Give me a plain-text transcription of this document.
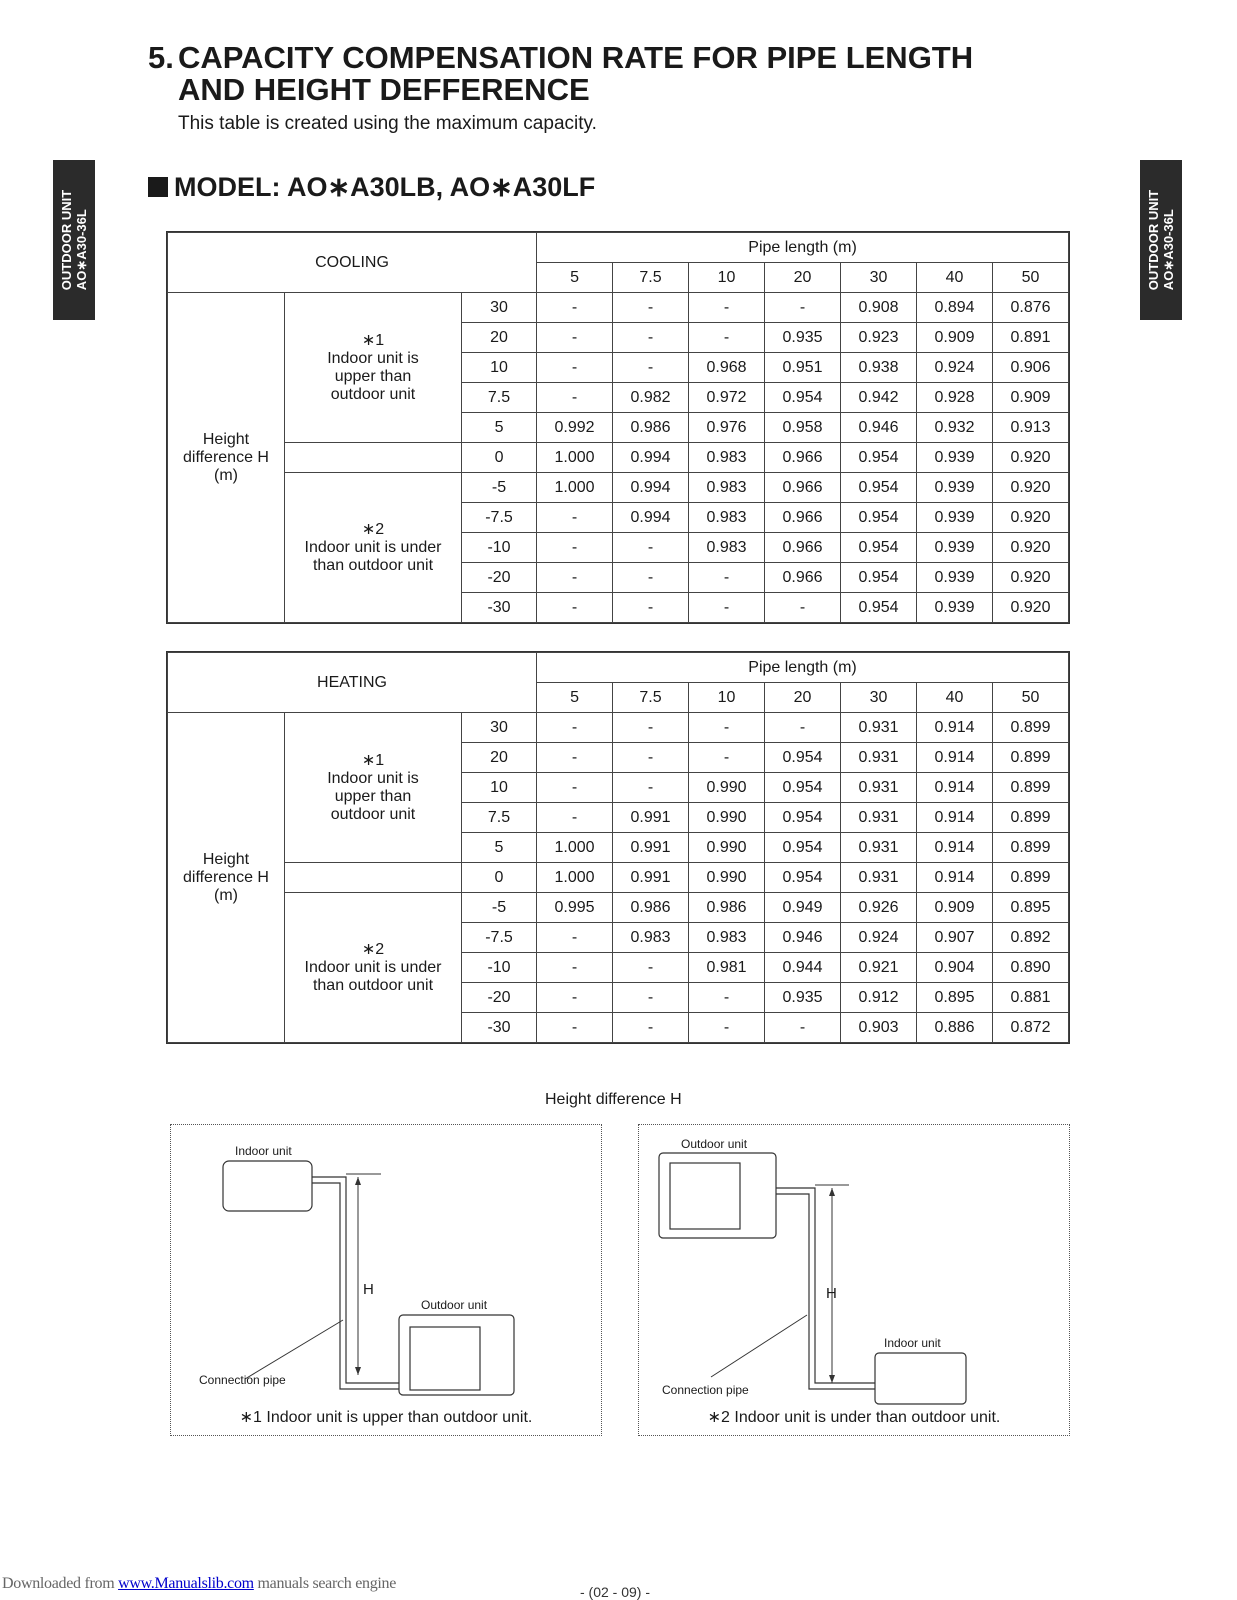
OUTDOOR UNIT AO∗A30-36L	OUTDOOR UNIT AO∗A30-36L
5. CAPACITY COMPENSATION RATE FOR PIPE LENGTH
AND HEIGHT DEFFERENCE
This table is created using the maximum capacity.
MODEL: AO∗A30LB, AO∗A30LF
COOLING			Pipe length (m)						
			5	7.5	10	20	30	40	50
Height difference H (m)	∗1
Indoor unit is upper than outdoor unit	30	-	-	-	-	0.908	0.894	0.876
		20	-	-	-	0.935	0.923	0.909	0.891
		10	-	-	0.968	0.951	0.938	0.924	0.906
		7.5	-	0.982	0.972	0.954	0.942	0.928	0.909
		5	0.992	0.986	0.976	0.958	0.946	0.932	0.913
		0	1.000	0.994	0.983	0.966	0.954	0.939	0.920

	∗2
Indoor unit is under than outdoor unit	-5	1.000	0.994	0.983	0.966	0.954	0.939	0.920
		-7.5	-	0.994	0.983	0.966	0.954	0.939	0.920
		-10	-	-	0.983	0.966	0.954	0.939	0.920
		-20	-	-	-	0.966	0.954	0.939	0.920
		-30	-	-	-	-	0.954	0.939	0.920
HEATING			Pipe length (m)						
			5	7.5	10	20	30	40	50
Height difference H (m)	∗1
Indoor unit is upper than outdoor unit	30	-	-	-	-	0.931	0.914	0.899
		20	-	-	-	0.954	0.931	0.914	0.899
		10	-	-	0.990	0.954	0.931	0.914	0.899
		7.5	-	0.991	0.990	0.954	0.931	0.914	0.899
		5	1.000	0.991	0.990	0.954	0.931	0.914	0.899
		0	1.000	0.991	0.990	0.954	0.931	0.914	0.899

	∗2
Indoor unit is under than outdoor unit	-5	0.995	0.986	0.986	0.949	0.926	0.909	0.895
		-7.5	-	0.983	0.983	0.946	0.924	0.907	0.892
		-10	-	-	0.981	0.944	0.921	0.904	0.890
		-20	-	-	-	0.935	0.912	0.895	0.881
		-30	-	-	-	-	0.903	0.886	0.872
Height difference H
Indoor unit
Outdoor unit
H
Connection pipe
∗1 Indoor unit is upper than outdoor unit.
Outdoor unit
Indoor unit
H
Connection pipe
∗2 Indoor unit is under than outdoor unit.
Downloaded from www.Manualslib.com manuals search engine	- (02 - 09) -
